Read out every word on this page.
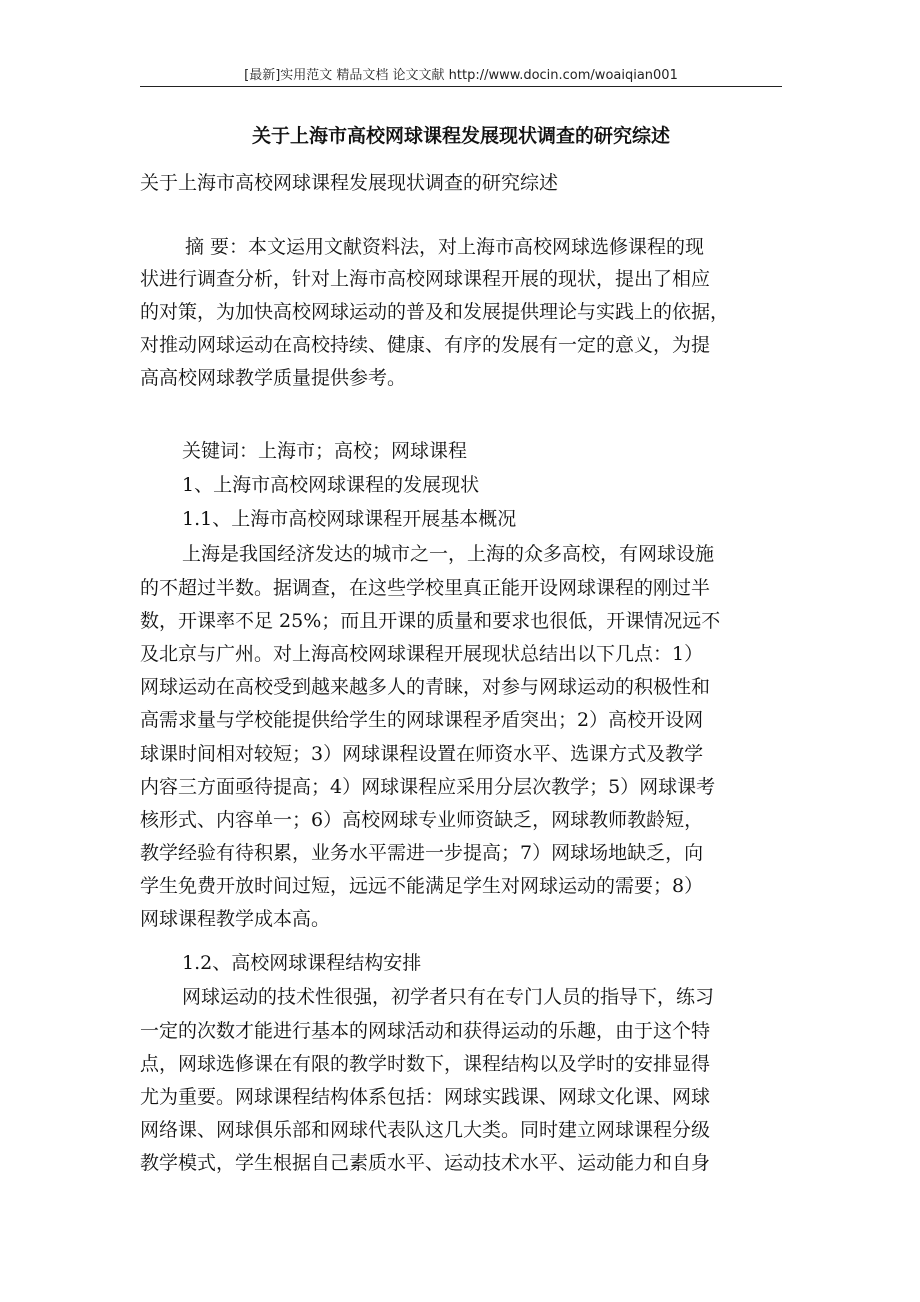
[最新]实用范文 精品文档 论文文献 http://www.docin.com/woaiqian001
关于上海市高校网球课程发展现状调查的研究综述
关于上海市高校网球课程发展现状调查的研究综述
摘 要：本文运用文献资料法，对上海市高校网球选修课程的现
状进行调查分析，针对上海市高校网球课程开展的现状，提出了相应
的对策，为加快高校网球运动的普及和发展提供理论与实践上的依据，
对推动网球运动在高校持续、健康、有序的发展有一定的意义，为提
高高校网球教学质量提供参考。
关键词：上海市；高校；网球课程
1、上海市高校网球课程的发展现状
1.1、上海市高校网球课程开展基本概况
上海是我国经济发达的城市之一，上海的众多高校，有网球设施
的不超过半数。据调查，在这些学校里真正能开设网球课程的刚过半
数，开课率不足 25%；而且开课的质量和要求也很低，开课情况远不
及北京与广州。对上海高校网球课程开展现状总结出以下几点：1）
网球运动在高校受到越来越多人的青睐，对参与网球运动的积极性和
高需求量与学校能提供给学生的网球课程矛盾突出；2）高校开设网
球课时间相对较短；3）网球课程设置在师资水平、选课方式及教学
内容三方面亟待提高；4）网球课程应采用分层次教学；5）网球课考
核形式、内容单一；6）高校网球专业师资缺乏，网球教师教龄短，
教学经验有待积累，业务水平需进一步提高；7）网球场地缺乏，向
学生免费开放时间过短，远远不能满足学生对网球运动的需要；8）
网球课程教学成本高。
1.2、高校网球课程结构安排
网球运动的技术性很强，初学者只有在专门人员的指导下，练习
一定的次数才能进行基本的网球活动和获得运动的乐趣，由于这个特
点，网球选修课在有限的教学时数下，课程结构以及学时的安排显得
尤为重要。网球课程结构体系包括：网球实践课、网球文化课、网球
网络课、网球俱乐部和网球代表队这几大类。同时建立网球课程分级
教学模式，学生根据自己素质水平、运动技术水平、运动能力和自身
